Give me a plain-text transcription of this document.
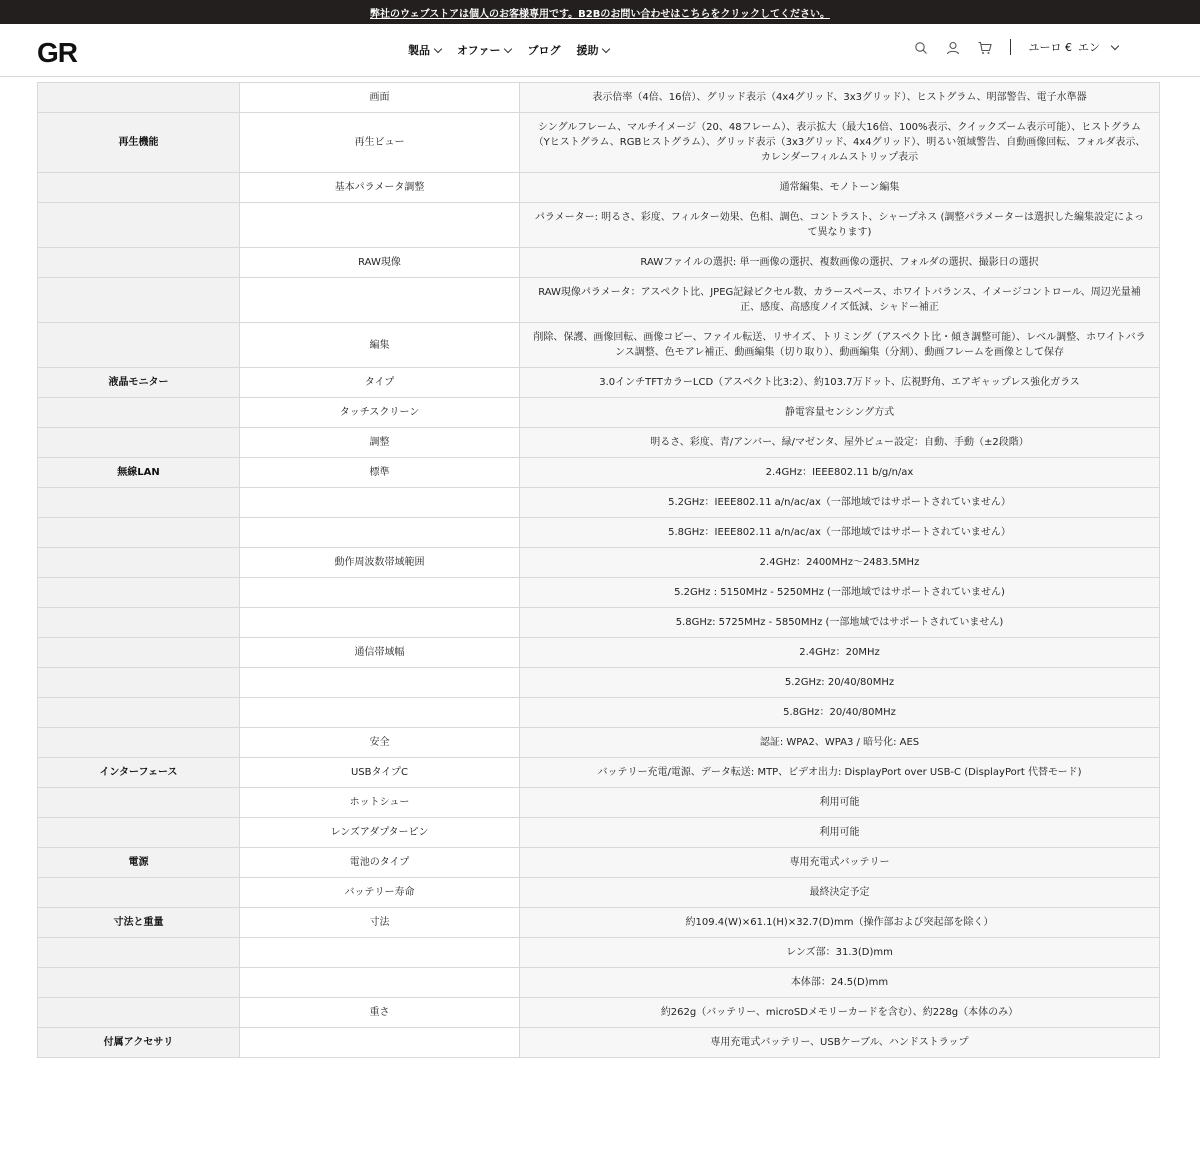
弊社のウェブストアは個人のお客様専用です。B2Bのお問い合わせはこちらをクリックしてください。
GR	製品 オファー ブログ 援助	ユーロ € エン
	画面	表示倍率（4倍、16倍）、グリッド表示（4x4グリッド、3x3グリッド）、ヒストグラム、明部警告、電子水準器
再生機能	再生ビュー	シングルフレーム、マルチイメージ（20、48フレーム）、表示拡大（最大16倍、100%表示、クイックズーム表示可能）、ヒストグラム（Yヒストグラム、RGBヒストグラム）、グリッド表示（3x3グリッド、4x4グリッド）、明るい領域警告、自動画像回転、フォルダ表示、カレンダーフィルムストリップ表示
	基本パラメータ調整	通常編集、モノトーン編集
		パラメーター: 明るさ、彩度、フィルター効果、色相、調色、コントラスト、シャープネス (調整パラメーターは選択した編集設定によって異なります)
	RAW現像	RAWファイルの選択: 単一画像の選択、複数画像の選択、フォルダの選択、撮影日の選択
		RAW現像パラメータ：アスペクト比、JPEG記録ピクセル数、カラースペース、ホワイトバランス、イメージコントロール、周辺光量補正、感度、高感度ノイズ低減、シャドー補正
	編集	削除、保護、画像回転、画像コピー、ファイル転送、リサイズ、トリミング（アスペクト比・傾き調整可能）、レベル調整、ホワイトバランス調整、色モアレ補正、動画編集（切り取り）、動画編集（分割）、動画フレームを画像として保存
液晶モニター	タイプ	3.0インチTFTカラーLCD（アスペクト比3:2）、約103.7万ドット、広視野角、エアギャップレス強化ガラス
	タッチスクリーン	静電容量センシング方式
	調整	明るさ、彩度、青/アンバー、緑/マゼンタ、屋外ビュー設定：自動、手動（±2段階）
無線LAN	標準	2.4GHz：IEEE802.11 b/g/n/ax
		5.2GHz：IEEE802.11 a/n/ac/ax（一部地域ではサポートされていません）
		5.8GHz：IEEE802.11 a/n/ac/ax（一部地域ではサポートされていません）
	動作周波数帯域範囲	2.4GHz：2400MHz～2483.5MHz
		5.2GHz : 5150MHz - 5250MHz (一部地域ではサポートされていません)
		5.8GHz: 5725MHz - 5850MHz (一部地域ではサポートされていません)
	通信帯域幅	2.4GHz：20MHz
		5.2GHz: 20/40/80MHz
		5.8GHz：20/40/80MHz
	安全	認証: WPA2、WPA3 / 暗号化: AES
インターフェース	USBタイプC	バッテリー充電/電源、データ転送: MTP、ビデオ出力: DisplayPort over USB-C (DisplayPort 代替モード)
	ホットシュー	利用可能
	レンズアダプターピン	利用可能
電源	電池のタイプ	専用充電式バッテリー
	バッテリー寿命	最終決定予定
寸法と重量	寸法	約109.4(W)×61.1(H)×32.7(D)mm（操作部および突起部を除く）
		レンズ部：31.3(D)mm
		本体部：24.5(D)mm
	重さ	約262g（バッテリー、microSDメモリーカードを含む）、約228g（本体のみ）
付属アクセサリ		専用充電式バッテリー、USBケーブル、ハンドストラップ
